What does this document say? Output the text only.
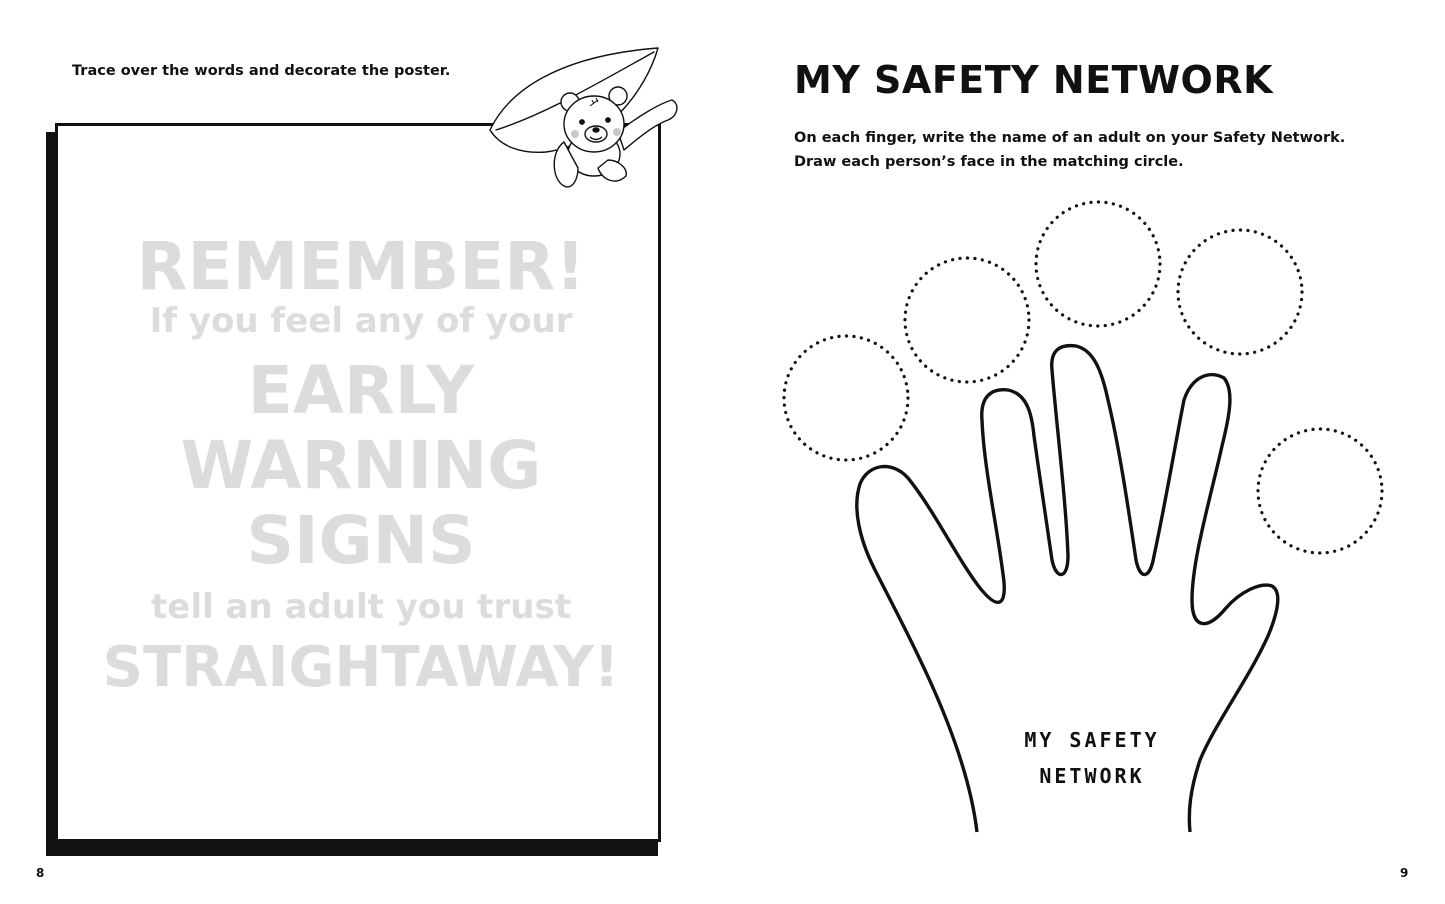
Trace over the words and decorate the poster.
REMEMBER!
If you feel any of your
EARLY
WARNING
SIGNS
tell an adult you trust
STRAIGHTAWAY!
8
MY SAFETY NETWORK
On each finger, write the name of an adult on your Safety Network.
Draw each person’s face in the matching circle.
MY SAFETY
NETWORK
9
